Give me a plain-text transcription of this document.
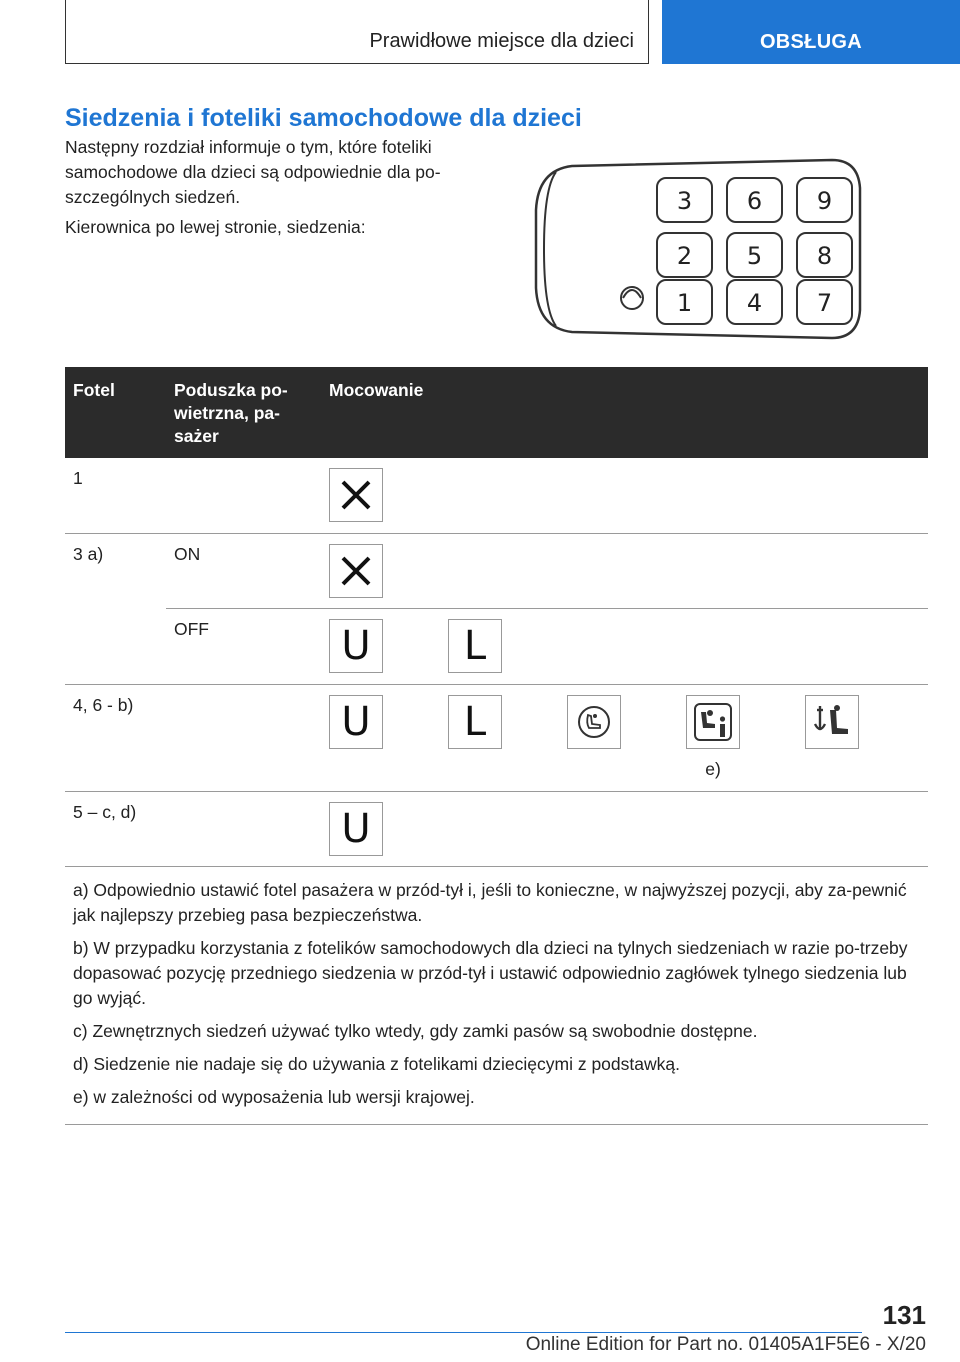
Prawidłowe miejsce dla dzieci	OBSŁUGA
Siedzenia i foteliki samochodowe dla dzieci

Następny rozdział informuje o tym, które foteliki samochodowe dla dzieci są odpowiednie dla po-szczególnych siedzeń.

Kierownica po lewej stronie, siedzenia:

3
2
1
6
5
4
9
8
7
Fotel	Poduszka po-wietrzna, pa-sażer	Mocowanie
1		

3 a)	ON	

	OFF	U L

4, 6 - b)		U L
e)

5 – c, d)		U

a) Odpowiednio ustawić fotel pasażera w przód-tył i, jeśli to konieczne, w najwyższej pozycji, aby za-pewnić jak najlepszy przebieg pasa bezpieczeństwa.

b) W przypadku korzystania z fotelików samochodowych dla dzieci na tylnych siedzeniach w razie po-trzeby dopasować pozycję przedniego siedzenia w przód-tył i ustawić odpowiednio zagłówek tylnego siedzenia lub go wyjąć.

c) Zewnętrznych siedzeń używać tylko wtedy, gdy zamki pasów są swobodnie dostępne.

d) Siedzenie nie nadaje się do używania z fotelikami dziecięcymi z podstawką.

e) w zależności od wyposażenia lub wersji krajowej.

131
Online Edition for Part no. 01405A1F5E6 - X/20
